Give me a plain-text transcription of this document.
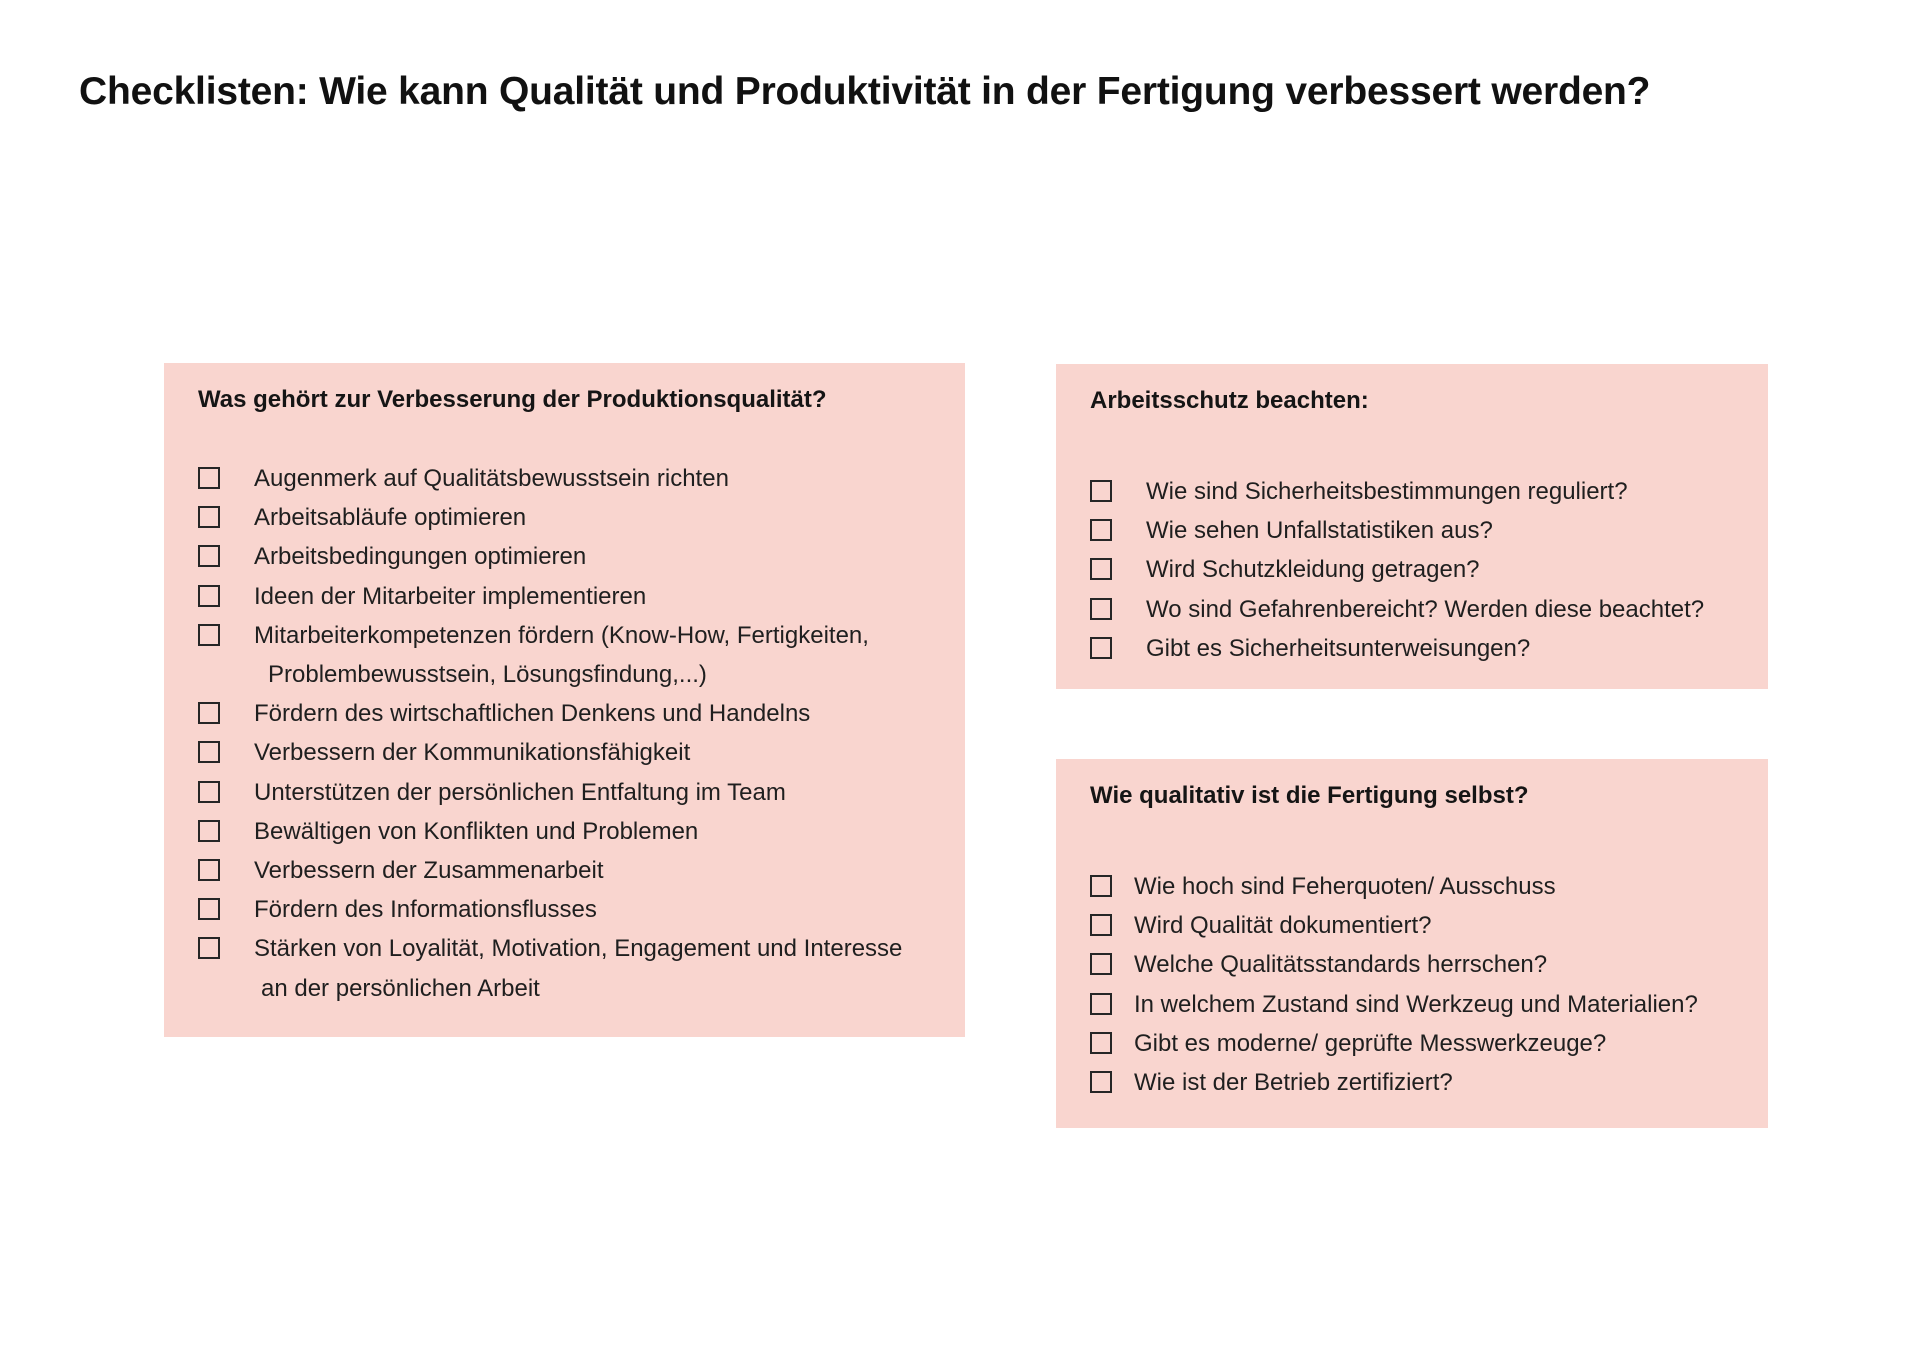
Checklisten: Wie kann Qualität und Produktivität in der Fertigung verbessert werden?
Was gehört zur Verbesserung der Produktionsqualität?
Augenmerk auf Qualitätsbewusstsein richten
Arbeitsabläufe optimieren
Arbeitsbedingungen optimieren
Ideen der Mitarbeiter implementieren
Mitarbeiterkompetenzen fördern (Know-How, Fertigkeiten,
Problembewusstsein, Lösungsfindung,...)
Fördern des wirtschaftlichen Denkens und Handelns
Verbessern der Kommunikationsfähigkeit
Unterstützen der persönlichen Entfaltung im Team
Bewältigen von Konflikten und Problemen
Verbessern der Zusammenarbeit
Fördern des Informationsflusses
Stärken von Loyalität, Motivation, Engagement und Interesse
an der persönlichen Arbeit
Arbeitsschutz beachten:
Wie sind Sicherheitsbestimmungen reguliert?
Wie sehen Unfallstatistiken aus?
Wird Schutzkleidung getragen?
Wo sind Gefahrenbereicht? Werden diese beachtet?
Gibt es Sicherheitsunterweisungen?
Wie qualitativ ist die Fertigung selbst?
Wie hoch sind Feherquoten/ Ausschuss
Wird Qualität dokumentiert?
Welche Qualitätsstandards herrschen?
In welchem Zustand sind Werkzeug und Materialien?
Gibt es moderne/ geprüfte Messwerkzeuge?
Wie ist der Betrieb zertifiziert?
